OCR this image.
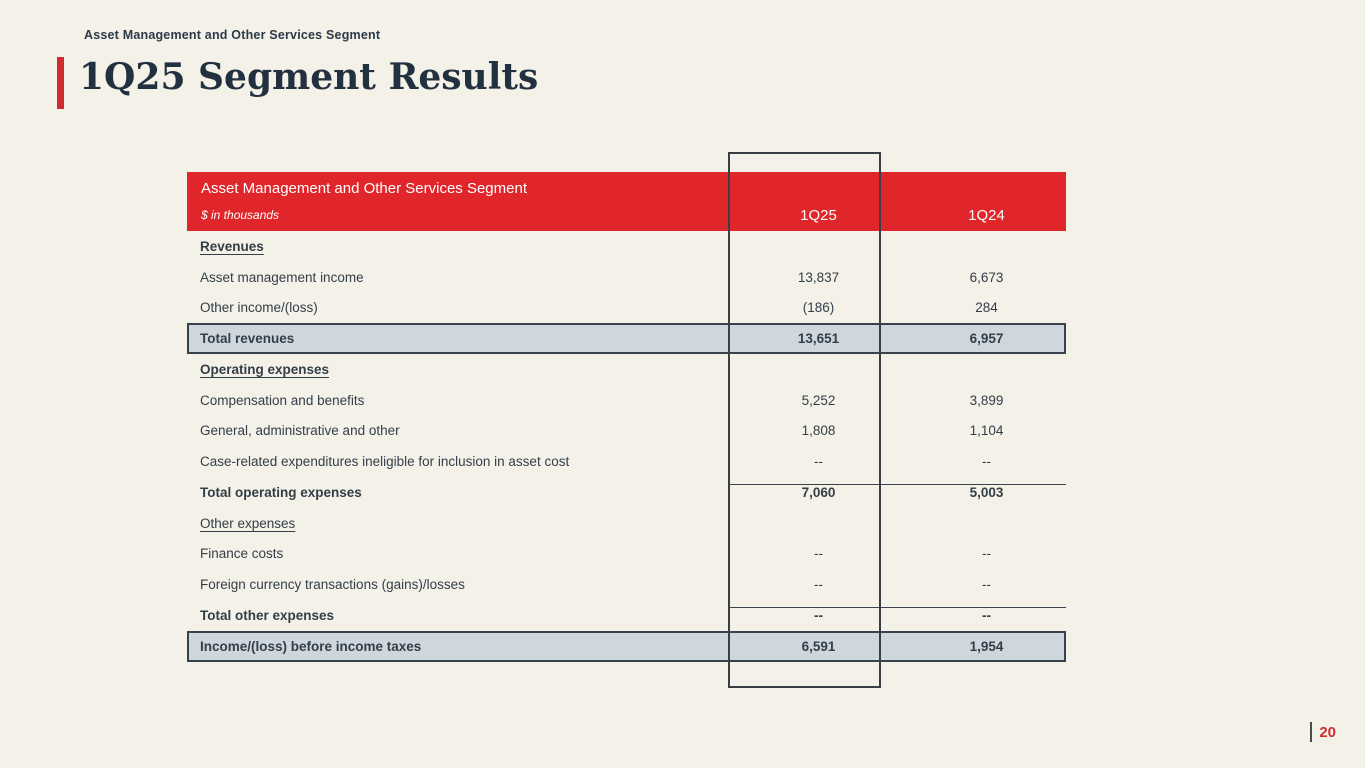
Asset Management and Other Services Segment
1Q25 Segment Results
Asset Management and Other Services Segment
$ in thousands	1Q25	1Q24
Revenues
Asset management income	13,837	6,673
Other income/(loss)	(186)	284
Total revenues	13,651	6,957
Operating expenses
Compensation and benefits	5,252	3,899
General, administrative and other	1,808	1,104
Case-related expenditures ineligible for inclusion in asset cost	--	--
Total operating expenses	7,060	5,003
Other expenses
Finance costs	--	--
Foreign currency transactions (gains)/losses	--	--
Total other expenses	--	--
Income/(loss) before income taxes	6,591	1,954
20
